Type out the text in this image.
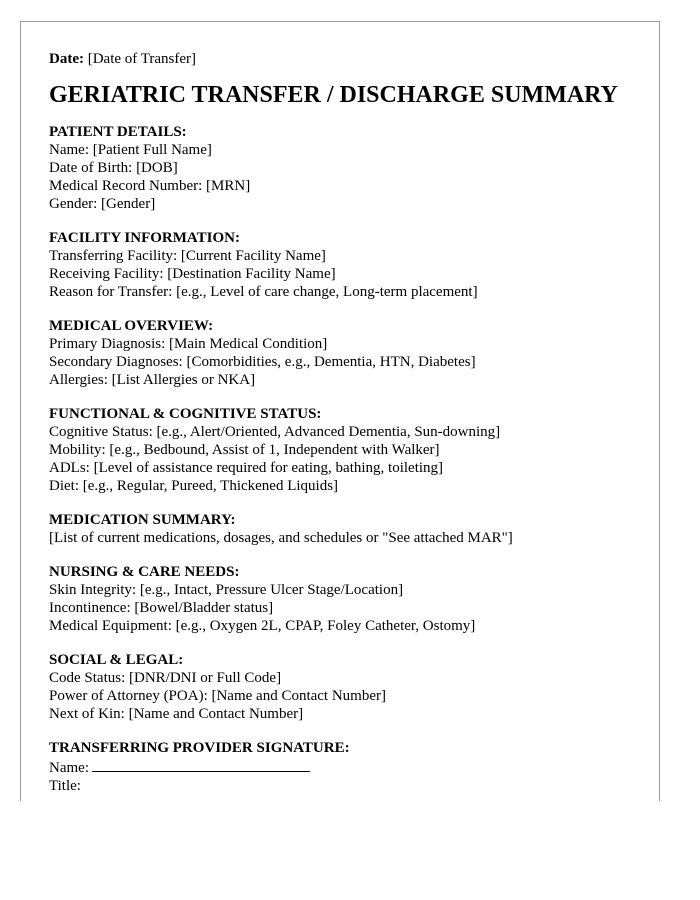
Date: [Date of Transfer]

GERIATRIC TRANSFER / DISCHARGE SUMMARY
PATIENT DETAILS:

Name: [Patient Full Name]

Date of Birth: [DOB]

Medical Record Number: [MRN]

Gender: [Gender]

FACILITY INFORMATION:

Transferring Facility: [Current Facility Name]

Receiving Facility: [Destination Facility Name]

Reason for Transfer: [e.g., Level of care change, Long-term placement]

MEDICAL OVERVIEW:

Primary Diagnosis: [Main Medical Condition]

Secondary Diagnoses: [Comorbidities, e.g., Dementia, HTN, Diabetes]

Allergies: [List Allergies or NKA]

FUNCTIONAL & COGNITIVE STATUS:

Cognitive Status: [e.g., Alert/Oriented, Advanced Dementia, Sun-downing]

Mobility: [e.g., Bedbound, Assist of 1, Independent with Walker]

ADLs: [Level of assistance required for eating, bathing, toileting]

Diet: [e.g., Regular, Pureed, Thickened Liquids]

MEDICATION SUMMARY:

[List of current medications, dosages, and schedules or "See attached MAR"]

NURSING & CARE NEEDS:

Skin Integrity: [e.g., Intact, Pressure Ulcer Stage/Location]

Incontinence: [Bowel/Bladder status]

Medical Equipment: [e.g., Oxygen 2L, CPAP, Foley Catheter, Ostomy]

SOCIAL & LEGAL:

Code Status: [DNR/DNI or Full Code]

Power of Attorney (POA): [Name and Contact Number]

Next of Kin: [Name and Contact Number]

TRANSFERRING PROVIDER SIGNATURE:

Name:

Title:
